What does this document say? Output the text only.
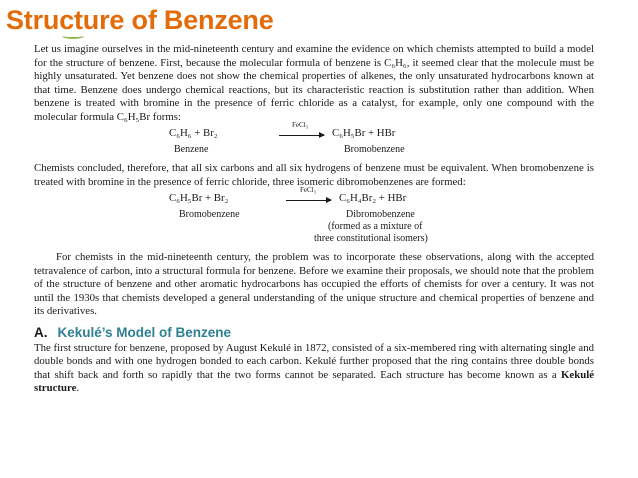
Structure of Benzene

Let us imagine ourselves in the mid-nineteenth century and examine the evidence on which chemists attempted to build a model for the structure of benzene. First, because the molecular formula of benzene is C₆H₆, it seemed clear that the molecule must be highly unsaturated. Yet benzene does not show the chemical properties of alkenes, the only unsaturated hydrocarbons known at that time. Benzene does undergo chemical reactions, but its characteristic reaction is substitution rather than addition. When benzene is treated with bromine in the presence of ferric chloride as a catalyst, for example, only one compound with the molecular formula C₆H₅Br forms:

C₆H₆ + Br₂
FeCl₃
C₆H₅Br + HBr
Benzene	Bromobenzene

Chemists concluded, therefore, that all six carbons and all six hydrogens of benzene must be equivalent. When bromobenzene is treated with bromine in the presence of ferric chloride, three isomeric dibromobenzenes are formed:

C₆H₅Br + Br₂
FeCl₃
C₆H₄Br₂ + HBr
Bromobenzene	Dibromobenzene
(formed as a mixture of
three constitutional isomers)

For chemists in the mid-nineteenth century, the problem was to incorporate these observations, along with the accepted tetravalence of carbon, into a structural formula for benzene. Before we examine their proposals, we should note that the problem of the structure of benzene and other aromatic hydrocarbons has occupied the efforts of chemists for over a century. It was not until the 1930s that chemists developed a general understanding of the unique structure and chemical properties of benzene and its derivatives.

A. Kekulé’s Model of Benzene

The first structure for benzene, proposed by August Kekulé in 1872, consisted of a six-membered ring with alternating single and double bonds and with one hydrogen bonded to each carbon. Kekulé further proposed that the ring contains three double bonds that shift back and forth so rapidly that the two forms cannot be separated. Each structure has become known as a Kekulé structure.
